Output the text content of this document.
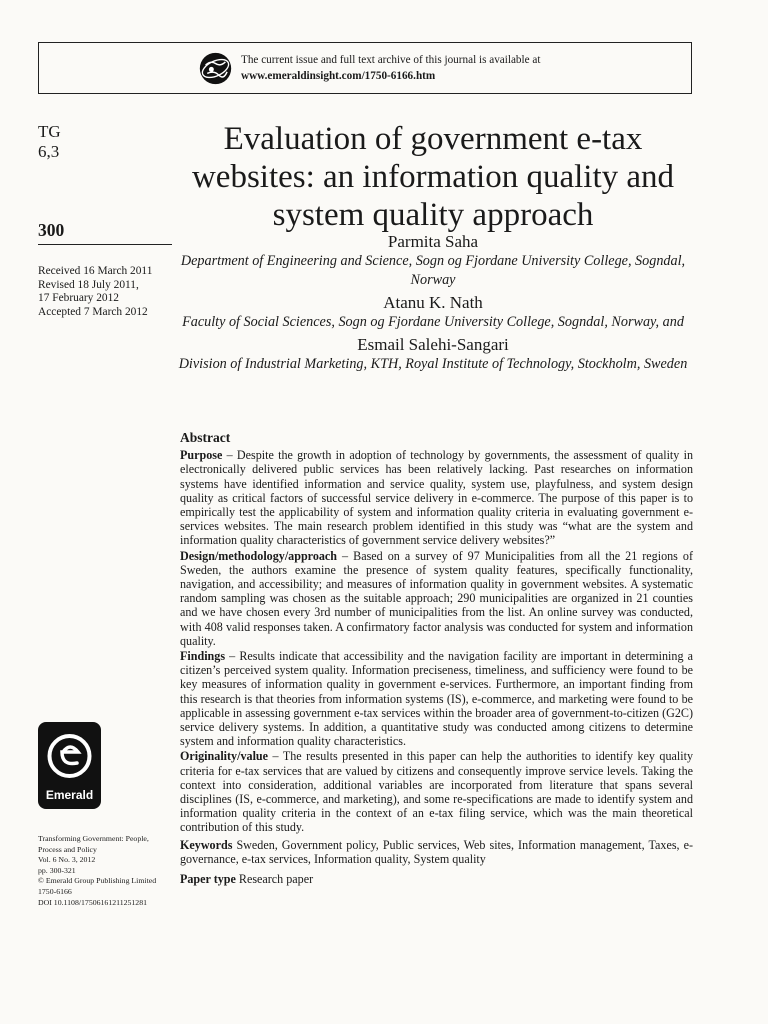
The current issue and full text archive of this journal is available at
www.emeraldinsight.com/1750-6166.htm
TG
6,3
300
Received 16 March 2011
Revised 18 July 2011,
17 February 2012
Accepted 7 March 2012
Emerald
Transforming Government: People,
Process and Policy
Vol. 6 No. 3, 2012
pp. 300-321
© Emerald Group Publishing Limited
1750-6166
DOI 10.1108/17506161211251281
Evaluation of government e-tax websites: an information quality and system quality approach
Parmita Saha
Department of Engineering and Science, Sogn og Fjordane University College, Sogndal, Norway
Atanu K. Nath
Faculty of Social Sciences, Sogn og Fjordane University College, Sogndal, Norway, and
Esmail Salehi-Sangari
Division of Industrial Marketing, KTH, Royal Institute of Technology, Stockholm, Sweden
Abstract

Purpose – Despite the growth in adoption of technology by governments, the assessment of quality in electronically delivered public services has been relatively lacking. Past researches on information systems have identified information and service quality, system use, playfulness, and system design quality as critical factors of successful service delivery in e-commerce. The purpose of this paper is to empirically test the applicability of system and information quality criteria in evaluating government e-services websites. The main research problem identified in this study was “what are the system and information quality characteristics of government service delivery websites?”

Design/methodology/approach – Based on a survey of 97 Municipalities from all the 21 regions of Sweden, the authors examine the presence of system quality features, specifically functionality, navigation, and accessibility; and measures of information quality in government websites. A systematic random sampling was chosen as the suitable approach; 290 municipalities are organized in 21 counties and we have chosen every 3rd number of municipalities from the list. An online survey was conducted, with 408 valid responses taken. A confirmatory factor analysis was conducted for system and information quality.

Findings – Results indicate that accessibility and the navigation facility are important in determining a citizen’s perceived system quality. Information preciseness, timeliness, and sufficiency were found to be key measures of information quality in government e-services. Furthermore, an important finding from this research is that theories from information systems (IS), e-commerce, and marketing were found to be applicable in assessing government e-tax services within the broader area of government-to-citizen (G2C) service delivery systems. In addition, a quantitative study was conducted among citizens to determine system and information quality characteristics.

Originality/value – The results presented in this paper can help the authorities to identify key quality criteria for e-tax services that are valued by citizens and consequently improve service levels. Taking the context into consideration, additional variables are incorporated from literature that spans several disciplines (IS, e-commerce, and marketing), and some re-specifications are made to identify system and information quality criteria in the context of an e-tax filing service, which was the main theoretical contribution of this study.

Keywords Sweden, Government policy, Public services, Web sites, Information management, Taxes, e-governance, e-tax services, Information quality, System quality

Paper type Research paper
